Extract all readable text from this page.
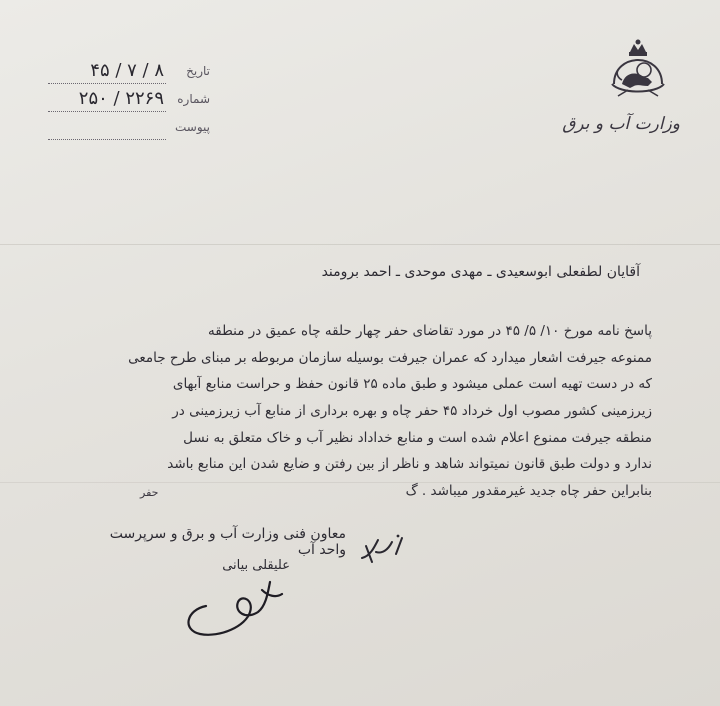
وزارت آب و برق
تاریخ
۸ / ۷ / ۴۵
شماره
۲۲۶۹ / ۲۵۰
پیوست
آقایان لطفعلی ابوسعیدی ـ مهدی موحدی ـ احمد برومند
پاسخ نامه مورخ ۱۰/ ۵/ ۴۵ در مورد تقاضای حفر چهار حلقه چاه عمیق در منطقه
ممنوعه جیرفت اشعار میدارد که عمران جیرفت بوسیله سازمان مربوطه بر مبنای طرح جامعی
که در دست تهیه است عملی میشود و طبق ماده ۲۵ قانون حفظ و حراست منابع آبهای
زیرزمینی کشور مصوب اول خرداد ۴۵ حفر چاه و بهره برداری از منابع آب زیرزمینی در
منطقه جیرفت ممنوع اعلام شده است و منابع خداداد نظیر آب و خاک متعلق به نسل
ندارد و دولت طبق قانون نمیتواند شاهد و ناظر از بین رفتن و ضایع شدن این منابع باشد
بنابراین حفر چاه جدید غیرمقدور میباشد . گ
حفر
معاون فنی وزارت آب و برق و سرپرست واحد آب
علیقلی بیانی
